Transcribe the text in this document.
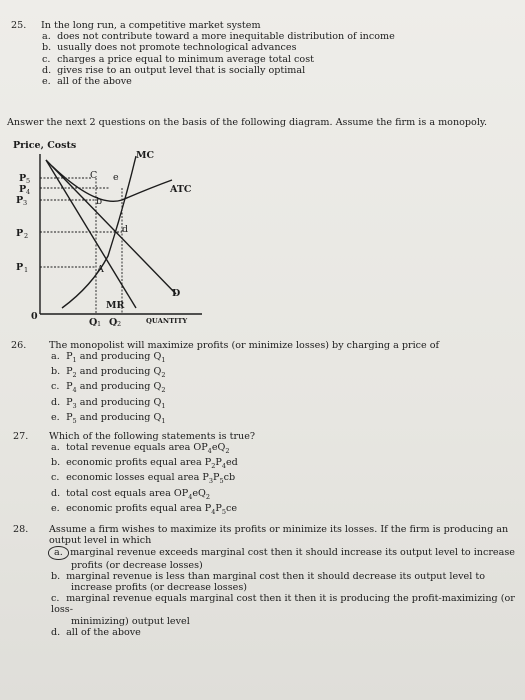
25. In the long run, a competitive market system
a. does not contribute toward a more inequitable distribution of income
b. usually does not promote technological advances
c. charges a price equal to minimum average total cost
d. gives rise to an output level that is socially optimal
e. all of the above
Answer the next 2 questions on the basis of the following diagram. Assume the firm is a monopoly.
Price, Costs
0
P 5
P 4
P 3
P 2
P 1
MC
ATC
D
MR
C e
b
d
A
Q 1 Q 2	QUANTITY
26. The monopolist will maximize profits (or minimize losses) by charging a price of
a. $P_1$ and producing $Q_1$
b. $P_2$ and producing $Q_2$
c. $P_4$ and producing $Q_2$
d. $P_3$ and producing $Q_1$
e. $P_5$ and producing $Q_1$
27. Which of the following statements is true?
a. total revenue equals area $OP_4eQ_2$
b. economic profits equal area $P_2P_4ed$
c. economic losses equal area $P_3P_5cb$
d. total cost equals area $OP_4eQ_2$
e. economic profits equal area $P_4P_5ce$
28. Assume a firm wishes to maximize its profits or minimize its losses. If the firm is producing an
output level in which
a. marginal revenue exceeds marginal cost then it should increase its output level to increase
profits (or decrease losses)
b. marginal revenue is less than marginal cost then it should decrease its output level to
increase profits (or decrease losses)
c. marginal revenue equals marginal cost then it then it is producing the profit-maximizing (or loss-
minimizing) output level
d. all of the above
